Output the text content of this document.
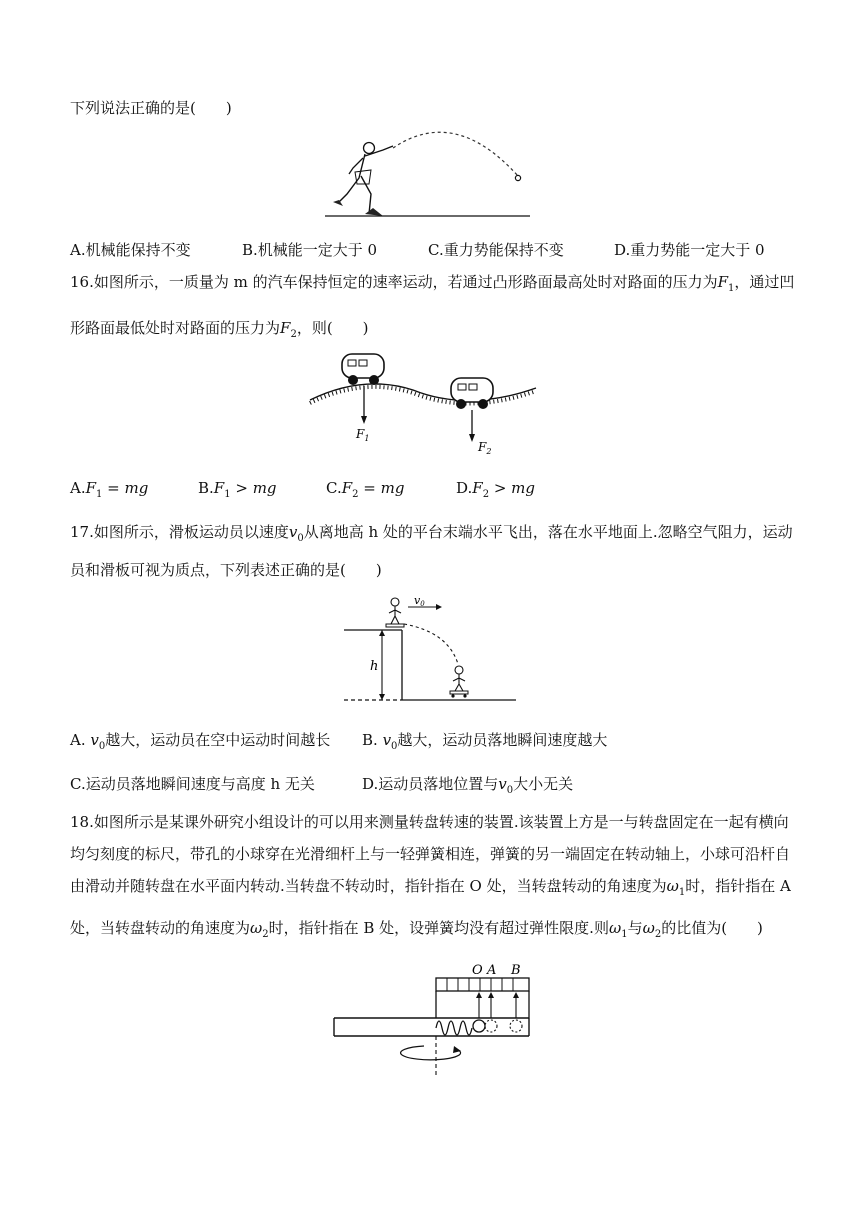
下列说法正确的是(　　)
A.机械能保持不变	B.机械能一定大于 0	C.重力势能保持不变	D.重力势能一定大于 0
16.如图所示，一质量为 m 的汽车保持恒定的速率运动，若通过凸形路面最高处时对路面的压力为$F_1$，通过凹
形路面最低处时对路面的压力为$F_2$，则(　　)
$F_1$
$F_2$
$A.F_1$ = mg	$B.F_1$ > mg	$C.F_2$ = mg	$D.F_2$ > mg
17.如图所示，滑板运动员以速度$v_0$从离地高 h 处的平台末端水平飞出，落在水平地面上.忽略空气阻力，运动
员和滑板可视为质点，下列表述正确的是(　　)
h
v0
A. $v_0$越大，运动员在空中运动时间越长 B. $v_0$越大，运动员落地瞬间速度越大
C.运动员落地瞬间速度与高度 h 无关	D.运动员落地位置与$v_0$大小无关
18.如图所示是某课外研究小组设计的可以用来测量转盘转速的装置.该装置上方是一与转盘固定在一起有横向
均匀刻度的标尺，带孔的小球穿在光滑细杆上与一轻弹簧相连，弹簧的另一端固定在转动轴上，小球可沿杆自
由滑动并随转盘在水平面内转动.当转盘不转动时，指针指在 O 处，当转盘转动的角速度为$\omega_1$时，指针指在 A
处，当转盘转动的角速度为$\omega_2$时，指针指在 B 处，设弹簧均没有超过弹性限度.则$\omega_1$与$\omega_2$的比值为(　　)
O A B
